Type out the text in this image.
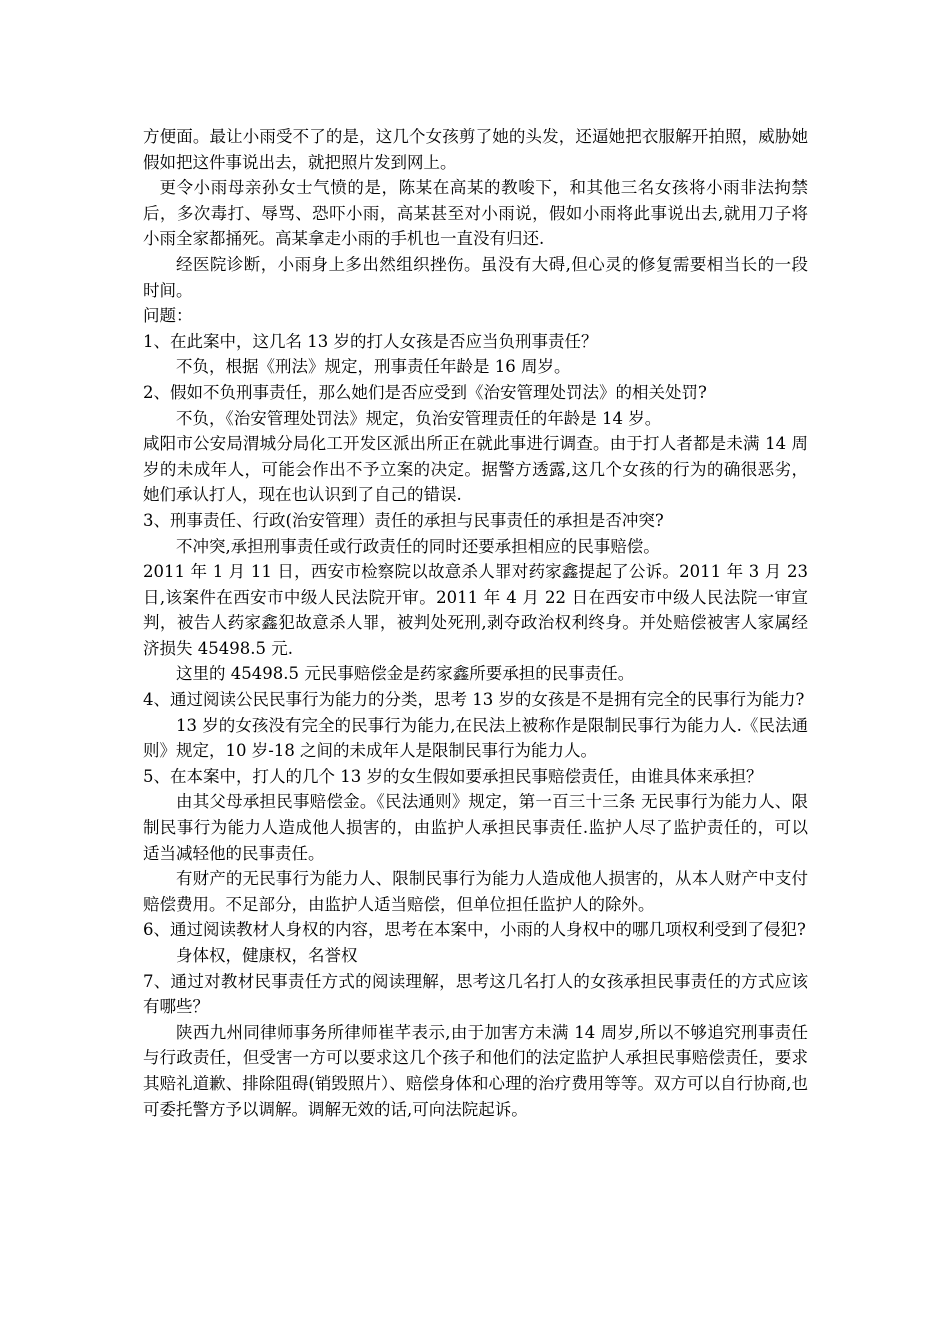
方便面。最让小雨受不了的是，这几个女孩剪了她的头发，还逼她把衣服解开拍照，威胁她假如把这件事说出去，就把照片发到网上。

更令小雨母亲孙女士气愤的是，陈某在高某的教唆下，和其他三名女孩将小雨非法拘禁后，多次毒打、辱骂、恐吓小雨，高某甚至对小雨说，假如小雨将此事说出去,就用刀子将小雨全家都捅死。高某拿走小雨的手机也一直没有归还.

经医院诊断，小雨身上多出然组织挫伤。虽没有大碍,但心灵的修复需要相当长的一段时间。

问题：

1、在此案中，这几名 13 岁的打人女孩是否应当负刑事责任？

不负，根据《刑法》规定，刑事责任年龄是 16 周岁。

2、假如不负刑事责任，那么她们是否应受到《治安管理处罚法》的相关处罚?

不负，《治安管理处罚法》规定，负治安管理责任的年龄是 14 岁。

咸阳市公安局渭城分局化工开发区派出所正在就此事进行调查。由于打人者都是未满 14 周岁的未成年人，可能会作出不予立案的决定。据警方透露,这几个女孩的行为的确很恶劣，她们承认打人，现在也认识到了自己的错误.

3、刑事责任、行政(治安管理）责任的承担与民事责任的承担是否冲突?

不冲突,承担刑事责任或行政责任的同时还要承担相应的民事赔偿。

2011 年 1 月 11 日，西安市检察院以故意杀人罪对药家鑫提起了公诉。2011 年 3 月 23 日,该案件在西安市中级人民法院开审。2011 年 4 月 22 日在西安市中级人民法院一审宣判，被告人药家鑫犯故意杀人罪，被判处死刑,剥夺政治权利终身。并处赔偿被害人家属经济损失 45498.5 元.

这里的 45498.5 元民事赔偿金是药家鑫所要承担的民事责任。

4、通过阅读公民民事行为能力的分类，思考 13 岁的女孩是不是拥有完全的民事行为能力?

13 岁的女孩没有完全的民事行为能力,在民法上被称作是限制民事行为能力人.《民法通则》规定，10 岁-18 之间的未成年人是限制民事行为能力人。

5、在本案中，打人的几个 13 岁的女生假如要承担民事赔偿责任，由谁具体来承担？

由其父母承担民事赔偿金。《民法通则》规定，第一百三十三条 无民事行为能力人、限制民事行为能力人造成他人损害的，由监护人承担民事责任.监护人尽了监护责任的，可以适当减轻他的民事责任。

有财产的无民事行为能力人、限制民事行为能力人造成他人损害的，从本人财产中支付赔偿费用。不足部分，由监护人适当赔偿，但单位担任监护人的除外。

6、通过阅读教材人身权的内容，思考在本案中，小雨的人身权中的哪几项权利受到了侵犯?

身体权，健康权，名誉权

7、通过对教材民事责任方式的阅读理解，思考这几名打人的女孩承担民事责任的方式应该有哪些？

陕西九州同律师事务所律师崔芊表示,由于加害方未满 14 周岁,所以不够追究刑事责任与行政责任，但受害一方可以要求这几个孩子和他们的法定监护人承担民事赔偿责任，要求其赔礼道歉、排除阻碍(销毁照片）、赔偿身体和心理的治疗费用等等。双方可以自行协商,也可委托警方予以调解。调解无效的话,可向法院起诉。
